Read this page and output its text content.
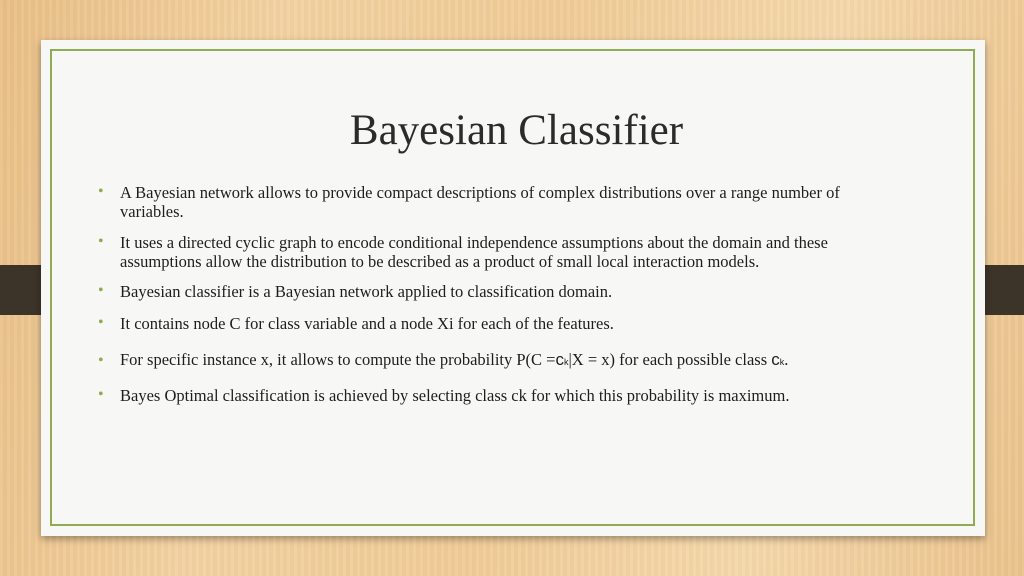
Bayesian Classifier
• A Bayesian network allows to provide compact descriptions of complex distributions over a range number of variables.
• It uses a directed cyclic graph to encode conditional independence assumptions about the domain and these assumptions allow the distribution to be described as a product of small local interaction models.
• Bayesian classifier is a Bayesian network applied to classification domain.
• It contains node C for class variable and a node Xi for each of the features.
• For specific instance x, it allows to compute the probability P(C =ck|X = x) for each possible class ck.
• Bayes Optimal classification is achieved by selecting class ck for which this probability is maximum.
